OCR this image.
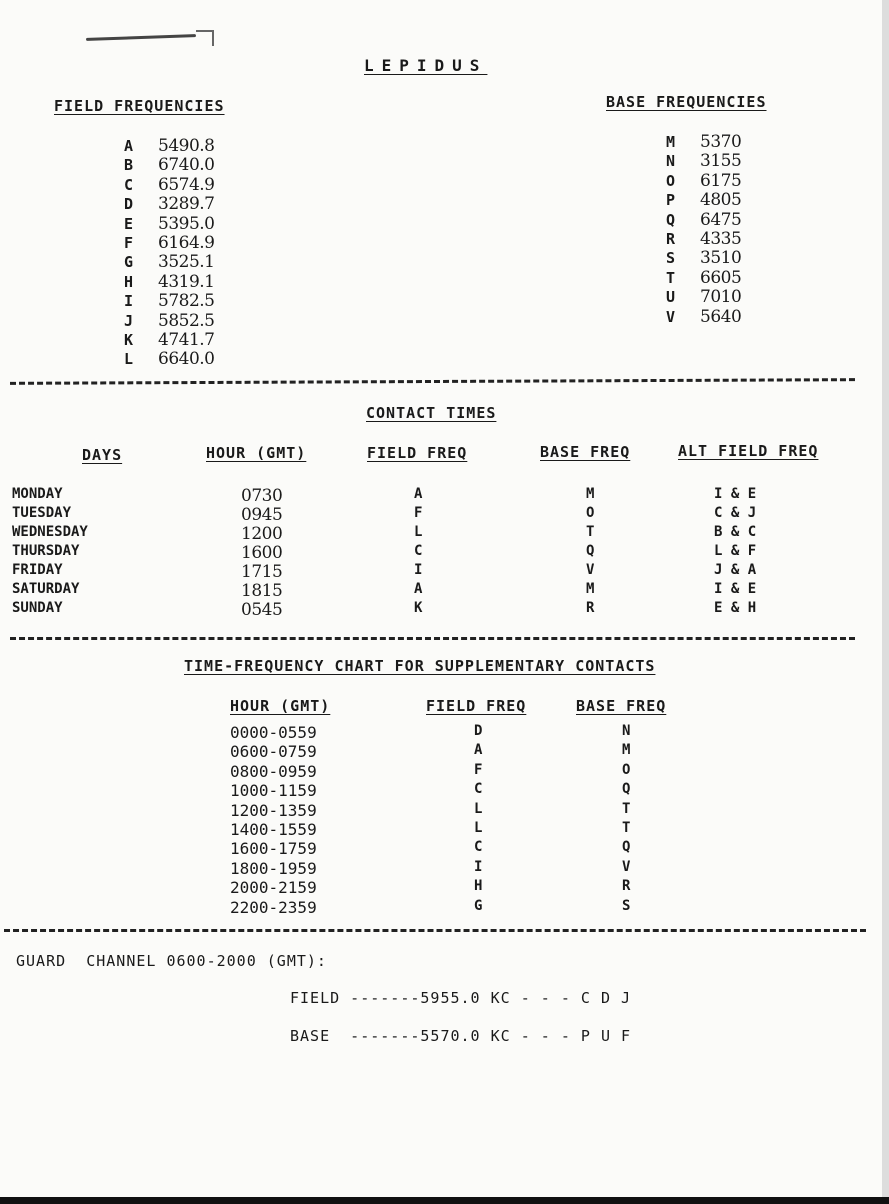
LEPIDUS
FIELD FREQUENCIES
A 5490.8
B 6740.0
C 6574.9
D 3289.7
E 5395.0
F 6164.9
G 3525.1
H 4319.1
I 5782.5
J 5852.5
K 4741.7
L 6640.0
BASE FREQUENCIES
M 5370
N 3155
O 6175
P 4805
Q 6475
R 4335
S 3510
T 6605
U 7010
V 5640
CONTACT TIMES
DAYS	HOUR (GMT)	FIELD FREQ	BASE FREQ	ALT FIELD FREQ
MONDAY	0730	A	M	I & E
TUESDAY	0945	F	O	C & J
WEDNESDAY	1200	L	T	B & C
THURSDAY	1600	C	Q	L & F
FRIDAY	1715	I	V	J & A
SATURDAY	1815	A	M	I & E
SUNDAY	0545	K	R	E & H
TIME-FREQUENCY CHART FOR SUPPLEMENTARY CONTACTS
HOUR (GMT)	FIELD FREQ	BASE FREQ
0000-0559	D	N
0600-0759	A	M
0800-0959	F	O
1000-1159	C	Q
1200-1359	L	T
1400-1559	L	T
1600-1759	C	Q
1800-1959	I	V
2000-2159	H	R
2200-2359	G	S
GUARD  CHANNEL 0600-2000 (GMT):
FIELD -------5955.0 KC - - - C D J
BASE  -------5570.0 KC - - - P U F
